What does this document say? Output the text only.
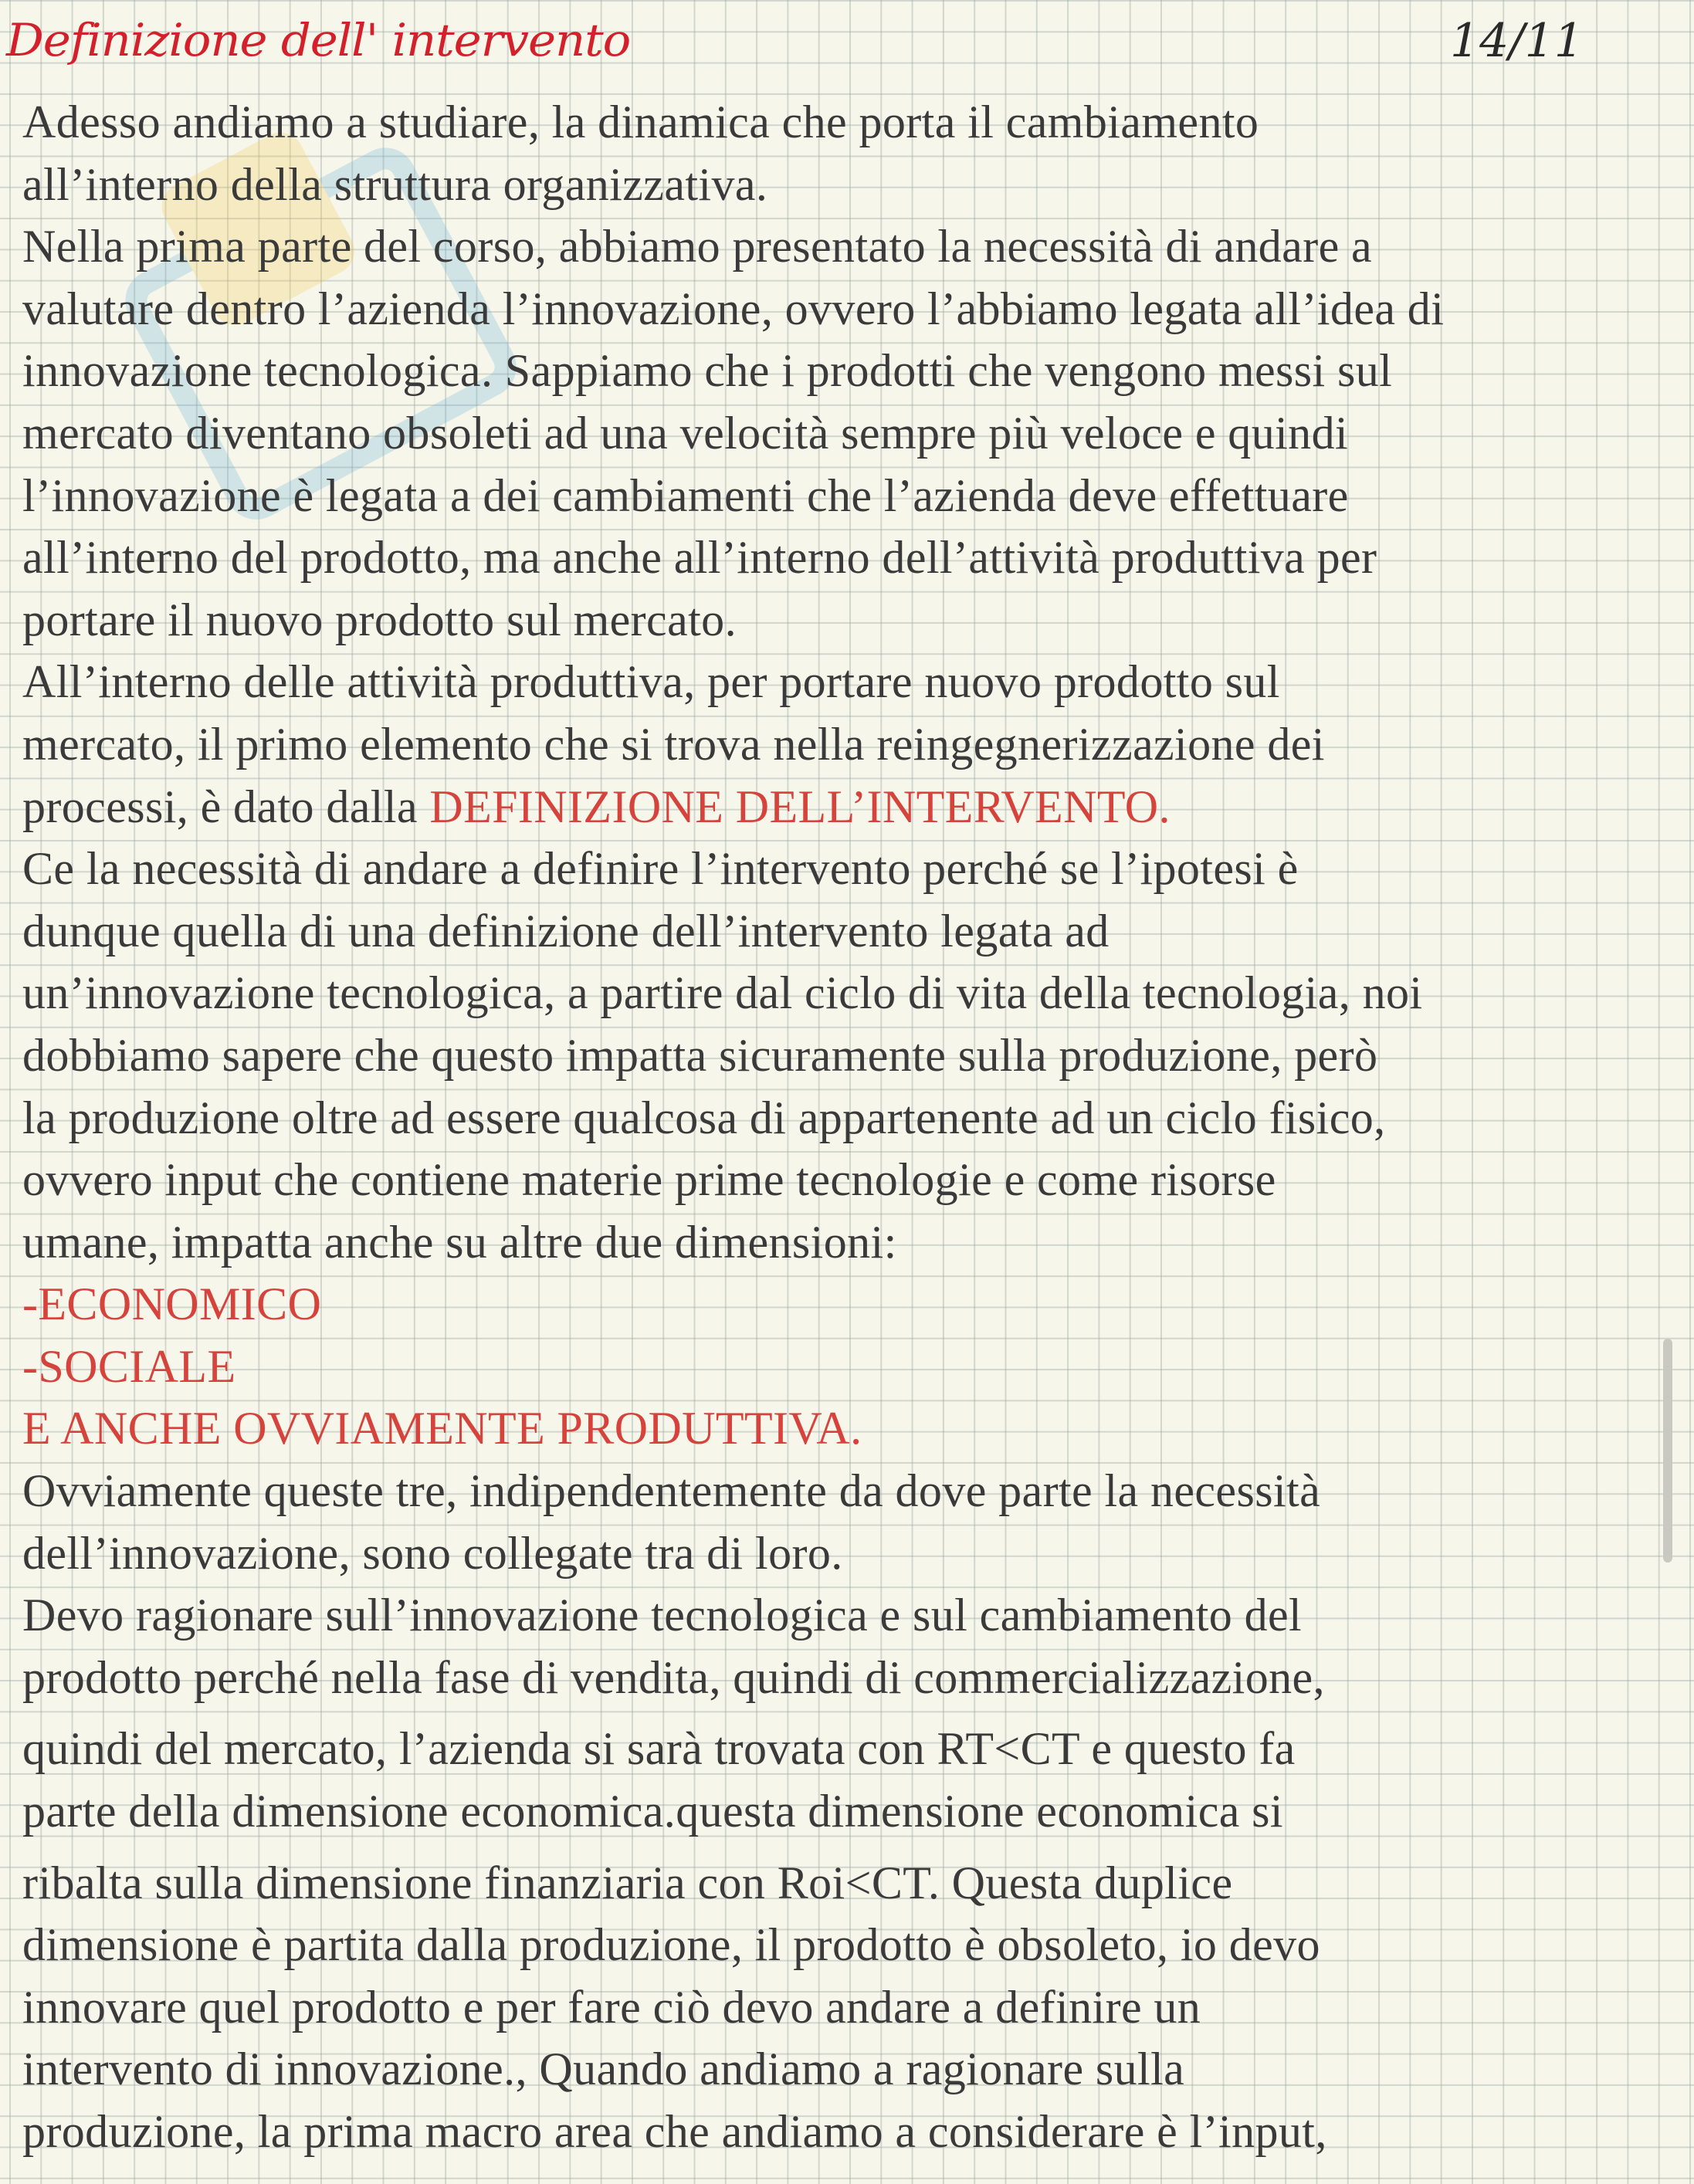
Definizione dell' intervento	14/11
Adesso andiamo a studiare, la dinamica che porta il cambiamento
all’interno della struttura organizzativa.
Nella prima parte del corso, abbiamo presentato la necessità di andare a
valutare dentro l’azienda l’innovazione, ovvero l’abbiamo legata all’idea di
innovazione tecnologica. Sappiamo che i prodotti che vengono messi sul
mercato diventano obsoleti ad una velocità sempre più veloce e quindi
l’innovazione è legata a dei cambiamenti che l’azienda deve effettuare
all’interno del prodotto, ma anche all’interno dell’attività produttiva per
portare il nuovo prodotto sul mercato.
All’interno delle attività produttiva, per portare nuovo prodotto sul
mercato, il primo elemento che si trova nella reingegnerizzazione dei
processi, è dato dalla DEFINIZIONE DELL’INTERVENTO.
Ce la necessità di andare a definire l’intervento perché se l’ipotesi è
dunque quella di una definizione dell’intervento legata ad
un’innovazione tecnologica, a partire dal ciclo di vita della tecnologia, noi
dobbiamo sapere che questo impatta sicuramente sulla produzione, però
la produzione oltre ad essere qualcosa di appartenente ad un ciclo fisico,
ovvero input che contiene materie prime tecnologie e come risorse
umane, impatta anche su altre due dimensioni:
-ECONOMICO
-SOCIALE
E ANCHE OVVIAMENTE PRODUTTIVA.
Ovviamente queste tre, indipendentemente da dove parte la necessità
dell’innovazione, sono collegate tra di loro.
Devo ragionare sull’innovazione tecnologica e sul cambiamento del
prodotto perché nella fase di vendita, quindi di commercializzazione,
quindi del mercato, l’azienda si sarà trovata con RT<CT e questo fa
parte della dimensione economica.questa dimensione economica si
ribalta sulla dimensione finanziaria con Roi<CT. Questa duplice
dimensione è partita dalla produzione, il prodotto è obsoleto, io devo
innovare quel prodotto e per fare ciò devo andare a definire un
intervento di innovazione., Quando andiamo a ragionare sulla
produzione, la prima macro area che andiamo a considerare è l’input,
